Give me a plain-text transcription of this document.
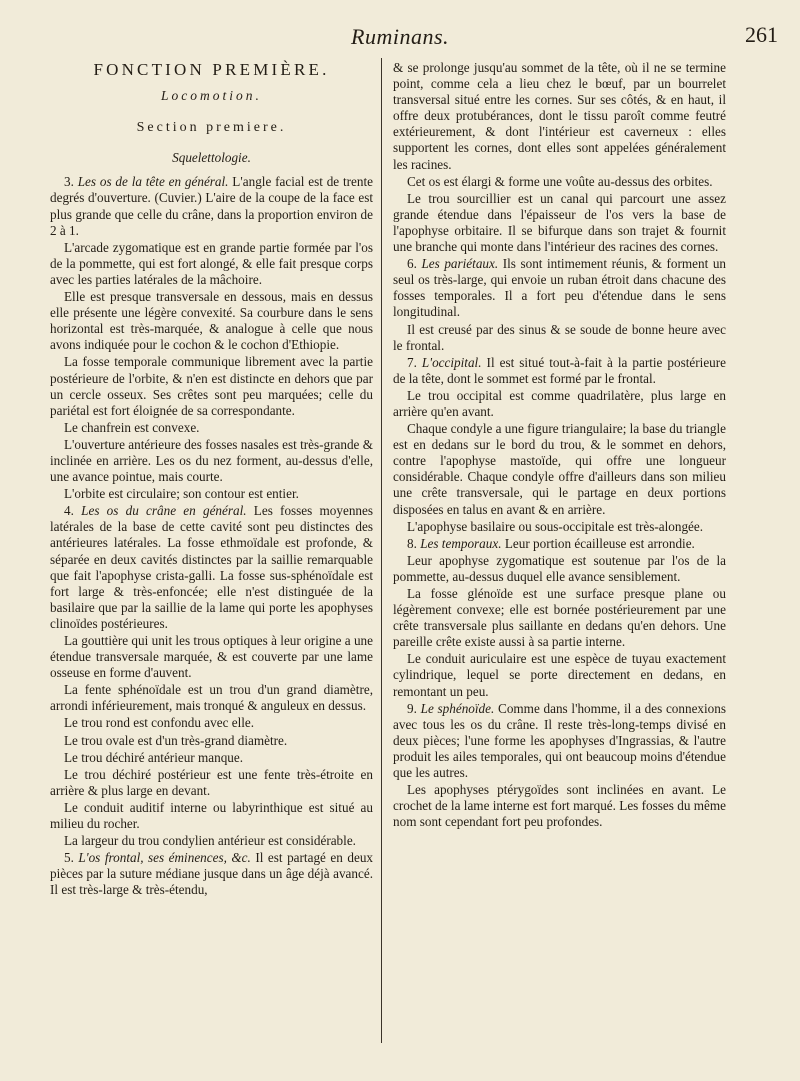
Ruminans.	261
FONCTION PREMIÈRE.
Locomotion.
Section premiere.
Squelettologie.

3. Les os de la tête en général. L'angle facial est de trente degrés d'ouverture. (Cuvier.) L'aire de la coupe de la face est plus grande que celle du crâne, dans la proportion environ de 2 à 1.

L'arcade zygomatique est en grande partie formée par l'os de la pommette, qui est fort alongé, & elle fait presque corps avec les parties latérales de la mâchoire.

Elle est presque transversale en dessous, mais en dessus elle présente une légère convexité. Sa courbure dans le sens horizontal est très-marquée, & analogue à celle que nous avons indiquée pour le cochon & le cochon d'Ethiopie.

La fosse temporale communique librement avec la partie postérieure de l'orbite, & n'en est distincte en dehors que par un cercle osseux. Ses crêtes sont peu marquées; celle du pariétal est fort éloignée de sa correspondante.

Le chanfrein est convexe.

L'ouverture antérieure des fosses nasales est très-grande & inclinée en arrière. Les os du nez forment, au-dessus d'elle, une avance pointue, mais courte.

L'orbite est circulaire; son contour est entier.

4. Les os du crâne en général. Les fosses moyennes latérales de la base de cette cavité sont peu distinctes des antérieures latérales. La fosse ethmoïdale est profonde, & séparée en deux cavités distinctes par la saillie remarquable que fait l'apophyse crista-galli. La fosse sus-sphénoïdale est fort large & très-enfoncée; elle n'est distinguée de la basilaire que par la saillie de la lame qui porte les apophyses clinoïdes postérieures.

La gouttière qui unit les trous optiques à leur origine a une étendue transversale marquée, & est couverte par une lame osseuse en forme d'auvent.

La fente sphénoïdale est un trou d'un grand diamètre, arrondi inférieurement, mais tronqué & anguleux en dessus.

Le trou rond est confondu avec elle.

Le trou ovale est d'un très-grand diamètre.

Le trou déchiré antérieur manque.

Le trou déchiré postérieur est une fente très-étroite en arrière & plus large en devant.

Le conduit auditif interne ou labyrinthique est situé au milieu du rocher.

La largeur du trou condylien antérieur est considérable.

5. L'os frontal, ses éminences, &c. Il est partagé en deux pièces par la suture médiane jusque dans un âge déjà avancé. Il est très-large & très-étendu,

& se prolonge jusqu'au sommet de la tête, où il ne se termine point, comme cela a lieu chez le bœuf, par un bourrelet transversal situé entre les cornes. Sur ses côtés, & en haut, il offre deux protubérances, dont le tissu paroît comme feutré extérieurement, & dont l'intérieur est caverneux : elles supportent les cornes, dont elles sont appelées généralement les racines.

Cet os est élargi & forme une voûte au-dessus des orbites.

Le trou sourcillier est un canal qui parcourt une assez grande étendue dans l'épaisseur de l'os vers la base de l'apophyse orbitaire. Il se bifurque dans son trajet & fournit une branche qui monte dans l'intérieur des racines des cornes.

6. Les pariétaux. Ils sont intimement réunis, & forment un seul os très-large, qui envoie un ruban étroit dans chacune des fosses temporales. Il a fort peu d'étendue dans le sens longitudinal.

Il est creusé par des sinus & se soude de bonne heure avec le frontal.

7. L'occipital. Il est situé tout-à-fait à la partie postérieure de la tête, dont le sommet est formé par le frontal.

Le trou occipital est comme quadrilatère, plus large en arrière qu'en avant.

Chaque condyle a une figure triangulaire; la base du triangle est en dedans sur le bord du trou, & le sommet en dehors, contre l'apophyse mastoïde, qui offre une longueur considérable. Chaque condyle offre d'ailleurs dans son milieu une crête transversale, qui le partage en deux portions disposées en talus en avant & en arrière.

L'apophyse basilaire ou sous-occipitale est très-alongée.

8. Les temporaux. Leur portion écailleuse est arrondie.

Leur apophyse zygomatique est soutenue par l'os de la pommette, au-dessus duquel elle avance sensiblement.

La fosse glénoïde est une surface presque plane ou légèrement convexe; elle est bornée postérieurement par une crête transversale plus saillante en dedans qu'en dehors. Une pareille crête existe aussi à sa partie interne.

Le conduit auriculaire est une espèce de tuyau exactement cylindrique, lequel se porte directement en dedans, en remontant un peu.

9. Le sphénoïde. Comme dans l'homme, il a des connexions avec tous les os du crâne. Il reste très-long-temps divisé en deux pièces; l'une forme les apophyses d'Ingrassias, & l'autre produit les ailes temporales, qui ont beaucoup moins d'étendue que les autres.

Les apophyses ptérygoïdes sont inclinées en avant. Le crochet de la lame interne est fort marqué. Les fosses du même nom sont cependant fort peu profondes.
